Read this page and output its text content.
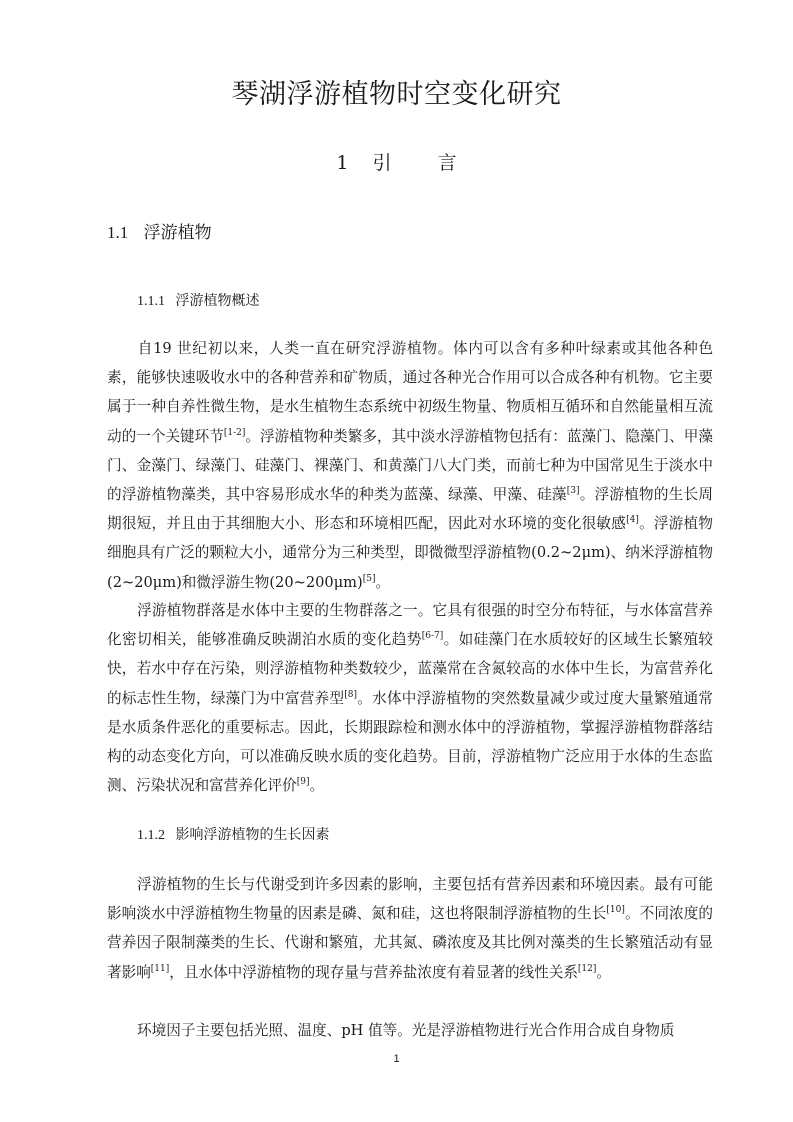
琴湖浮游植物时空变化研究
1 引 言
1.1 浮游植物
1.1.1 浮游植物概述

自19 世纪初以来，人类一直在研究浮游植物。体内可以含有多种叶绿素或其他各种色素，能够快速吸收水中的各种营养和矿物质，通过各种光合作用可以合成各种有机物。它主要属于一种自养性微生物，是水生植物生态系统中初级生物量、物质相互循环和自然能量相互流动的一个关键环节[1-2]。浮游植物种类繁多，其中淡水浮游植物包括有：蓝藻门、隐藻门、甲藻门、金藻门、绿藻门、硅藻门、裸藻门、和黄藻门八大门类，而前七种为中国常见生于淡水中的浮游植物藻类，其中容易形成水华的种类为蓝藻、绿藻、甲藻、硅藻[3]。浮游植物的生长周期很短，并且由于其细胞大小、形态和环境相匹配，因此对水环境的变化很敏感[4]。浮游植物细胞具有广泛的颗粒大小，通常分为三种类型，即微微型浮游植物(0.2~2μm)、纳米浮游植物(2~20μm)和微浮游生物(20~200μm)[5]。

浮游植物群落是水体中主要的生物群落之一。它具有很强的时空分布特征，与水体富营养化密切相关，能够准确反映湖泊水质的变化趋势[6-7]。如硅藻门在水质较好的区域生长繁殖较快，若水中存在污染，则浮游植物种类数较少，蓝藻常在含氮较高的水体中生长，为富营养化的标志性生物，绿藻门为中富营养型[8]。水体中浮游植物的突然数量减少或过度大量繁殖通常是水质条件恶化的重要标志。因此，长期跟踪检和测水体中的浮游植物，掌握浮游植物群落结构的动态变化方向，可以准确反映水质的变化趋势。目前，浮游植物广泛应用于水体的生态监测、污染状况和富营养化评价[9]。

1.1.2 影响浮游植物的生长因素

浮游植物的生长与代谢受到许多因素的影响，主要包括有营养因素和环境因素。最有可能影响淡水中浮游植物生物量的因素是磷、氮和硅，这也将限制浮游植物的生长[10]。不同浓度的营养因子限制藻类的生长、代谢和繁殖，尤其氮、磷浓度及其比例对藻类的生长繁殖活动有显著影响[11]，且水体中浮游植物的现存量与营养盐浓度有着显著的线性关系[12]。

环境因子主要包括光照、温度、pH 值等。光是浮游植物进行光合作用合成自身物质

1
